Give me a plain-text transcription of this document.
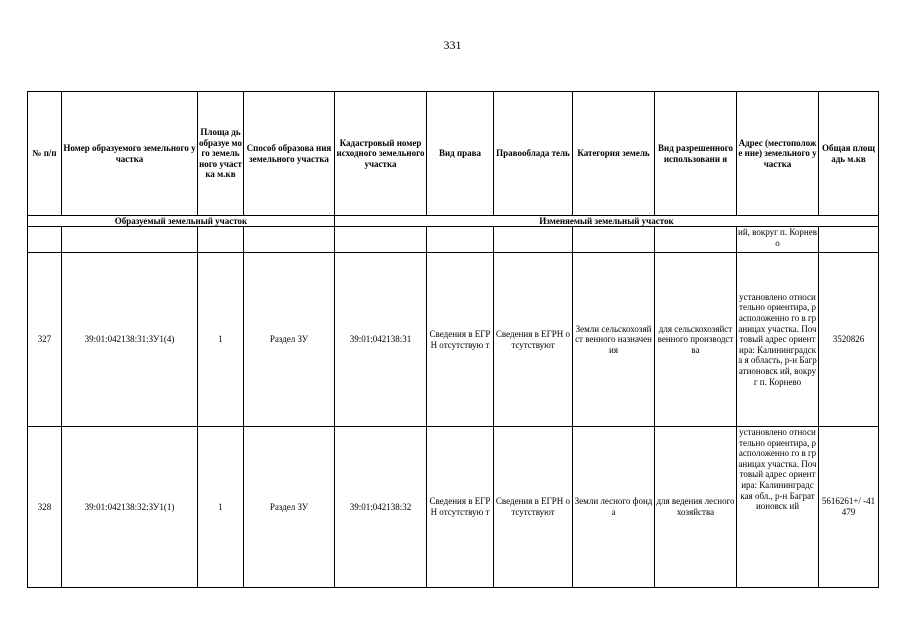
331
№ п/п	Номер образуемого земельного участка	Площа дь образуе мого земель ного участка м.кв	Способ образова ния земельного участка	Кадастровый номер исходного земельного участка	Вид права	Правооблада тель	Категория земель	Вид разрешенного использовани я	Адрес (местоположе ние) земельного участка	Общая площадь м.кв
Образуемый земельный участок				Изменяемый земельный участок						
									ий, вокруг п. Корнево	
327	39:01:042138:31:ЗУ1(4)	1	Раздел ЗУ	39:01:042138:31	Сведения в ЕГРН отсутствую т	Сведения в ЕГРН отсутствуют	Земли сельскохозяйст венного назначения	для сельскохозяйст венного производства	установлено относительно ориентира, расположенно го в границах участка. Почтовый адрес ориентира: Калининградска я область, р-н Багратионовск ий, вокруг п. Корнево	3520826
328	39:01:042138:32:ЗУ1(1)	1	Раздел ЗУ	39:01:042138:32	Сведения в ЕГРН отсутствую т	Сведения в ЕГРН отсутствуют	Земли лесного фонда	для ведения лесного хозяйства	установлено относительно ориентира, расположенно го в границах участка. Почтовый адрес ориентира: Калининградс кая обл., р-н Багратионовск ий	5616261+/ -41479
